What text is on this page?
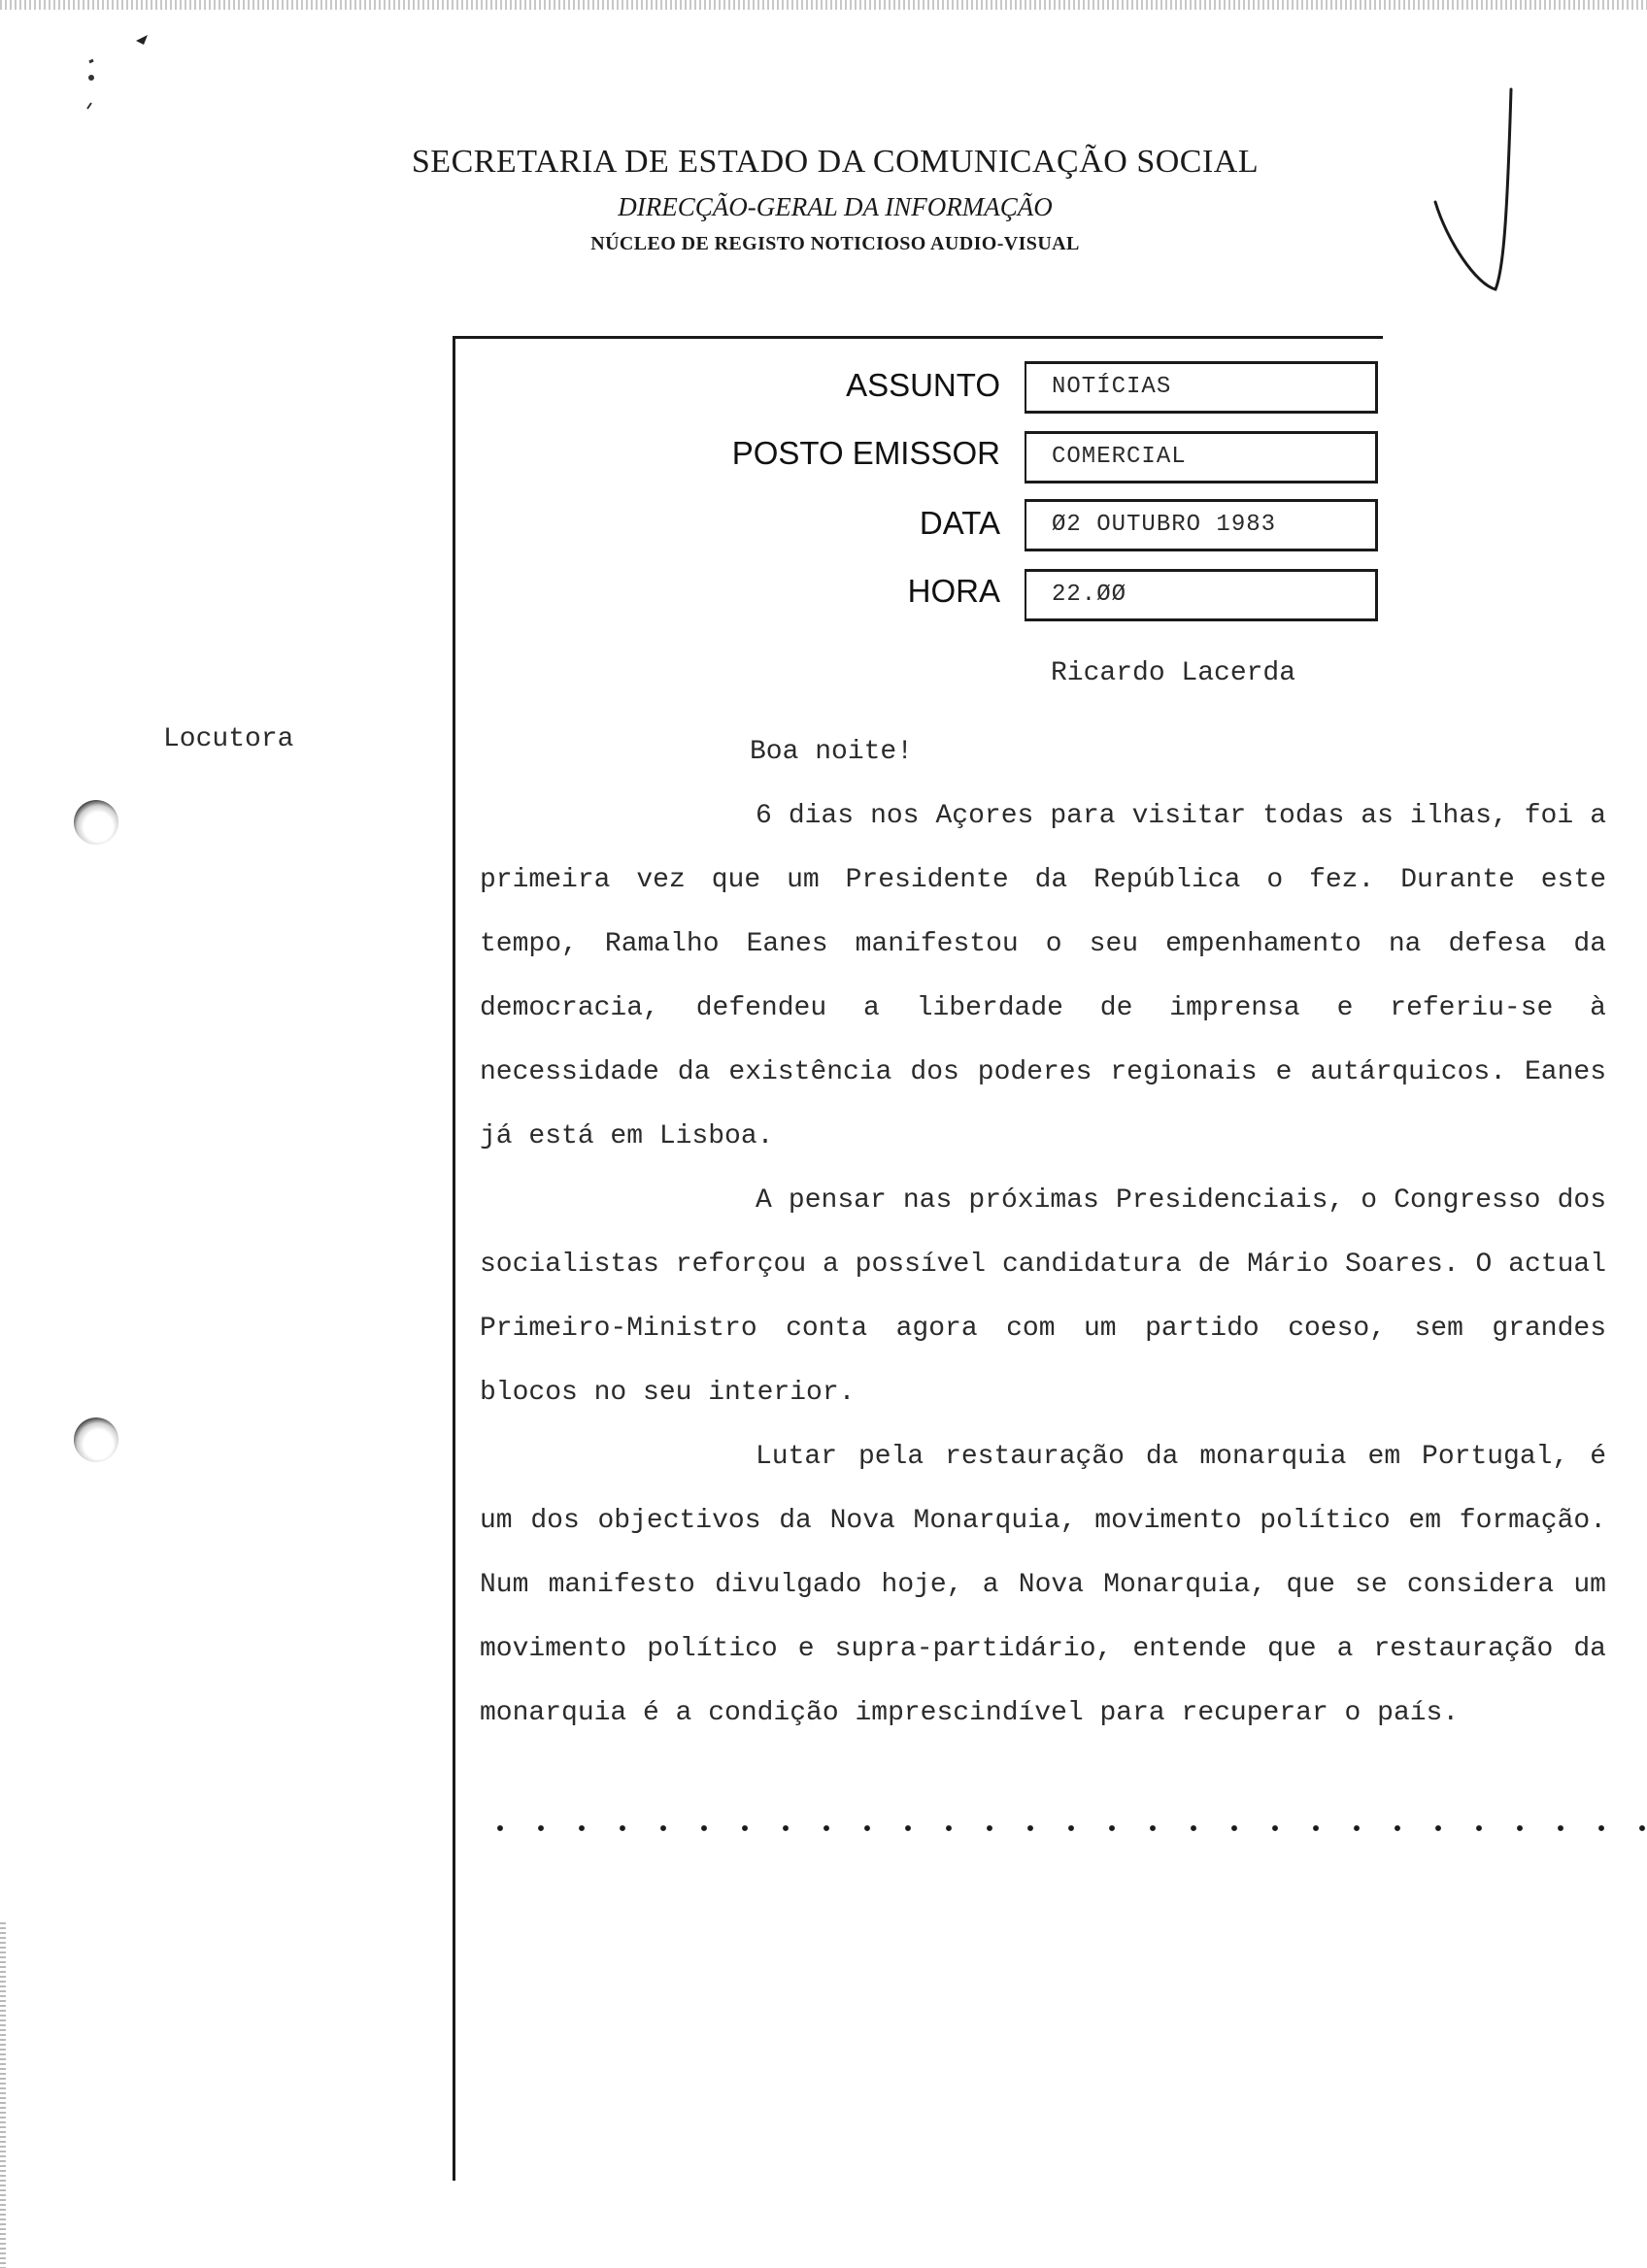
SECRETARIA DE ESTADO DA COMUNICAÇÃO SOCIAL
DIRECÇÃO-GERAL DA INFORMAÇÃO
NÚCLEO DE REGISTO NOTICIOSO AUDIO-VISUAL
ASSUNTO	NOTÍCIAS
POSTO EMISSOR	COMERCIAL
DATA	Ø2 OUTUBRO 1983
HORA	22.ØØ
Ricardo Lacerda
Locutora	Boa noite!

6 dias nos Açores para visitar todas as ilhas, foi a primeira vez que um Presidente da República o fez. Durante este tempo, Ramalho Eanes manifestou o seu empenhamento na defesa da democracia, defendeu a liberdade de imprensa e referiu-se à necessidade da existência dos poderes regionais e autárquicos. Eanes já está em Lisboa.

A pensar nas próximas Presidenciais, o Congresso dos socialistas reforçou a possível candidatura de Mário Soares. O actual Primeiro-Ministro conta agora com um partido coeso, sem grandes blocos no seu interior.

Lutar pela restauração da monarquia em Portugal, é um dos objectivos da Nova Monarquia, movimento político em formação. Num manifesto divulgado hoje, a Nova Monarquia, que se considera um movimento político e supra-partidário, entende que a restauração da monarquia é a condição imprescindível para recuperar o país.
